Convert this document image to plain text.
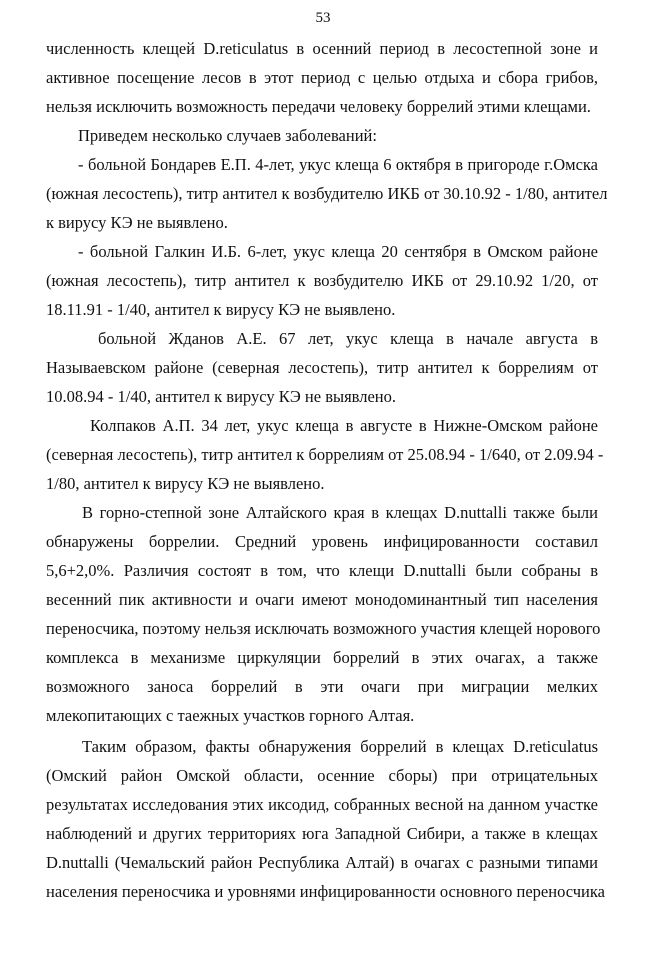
53
численность клещей D.reticulatus в осенний период в лесостепной зоне и
активное посещение лесов в этот период с целью отдыха и сбора грибов,
нельзя исключить возможность передачи человеку боррелий этими клещами.
Приведем несколько случаев заболеваний:
- больной Бондарев Е.П. 4-лет, укус клеща 6 октября в пригороде г.Омска
(южная лесостепь), титр антител к возбудителю ИКБ от 30.10.92 - 1/80, антител
к вирусу КЭ не выявлено.
- больной Галкин И.Б. 6-лет, укус клеща 20 сентября в Омском районе
(южная лесостепь), титр антител к возбудителю ИКБ от 29.10.92 1/20, от
18.11.91 - 1/40, антител к вирусу КЭ не выявлено.
больной Жданов А.Е. 67 лет, укус клеща в начале августа в
Называевском районе (северная лесостепь), титр антител к боррелиям от
10.08.94 - 1/40, антител к вирусу КЭ не выявлено.
Колпаков А.П. 34 лет, укус клеща в августе в Нижне-Омском районе
(северная лесостепь), титр антител к боррелиям от 25.08.94 - 1/640, от 2.09.94 -
1/80, антител к вирусу КЭ не выявлено.
В горно-степной зоне Алтайского края в клещах D.nuttalli также были
обнаружены боррелии. Средний уровень инфицированности составил
5,6+2,0%. Различия состоят в том, что клещи D.nuttalli были собраны в
весенний пик активности и очаги имеют монодоминантный тип населения
переносчика, поэтому нельзя исключать возможного участия клещей норового
комплекса в механизме циркуляции боррелий в этих очагах, а также
возможного заноса боррелий в эти очаги при миграции мелких
млекопитающих с таежных участков горного Алтая.
Таким образом, факты обнаружения боррелий в клещах D.reticulatus
(Омский район Омской области, осенние сборы) при отрицательных
результатах исследования этих иксодид, собранных весной на данном участке
наблюдений и других территориях юга Западной Сибири, а также в клещах
D.nuttalli (Чемальский район Республика Алтай) в очагах с разными типами
населения переносчика и уровнями инфицированности основного переносчика
